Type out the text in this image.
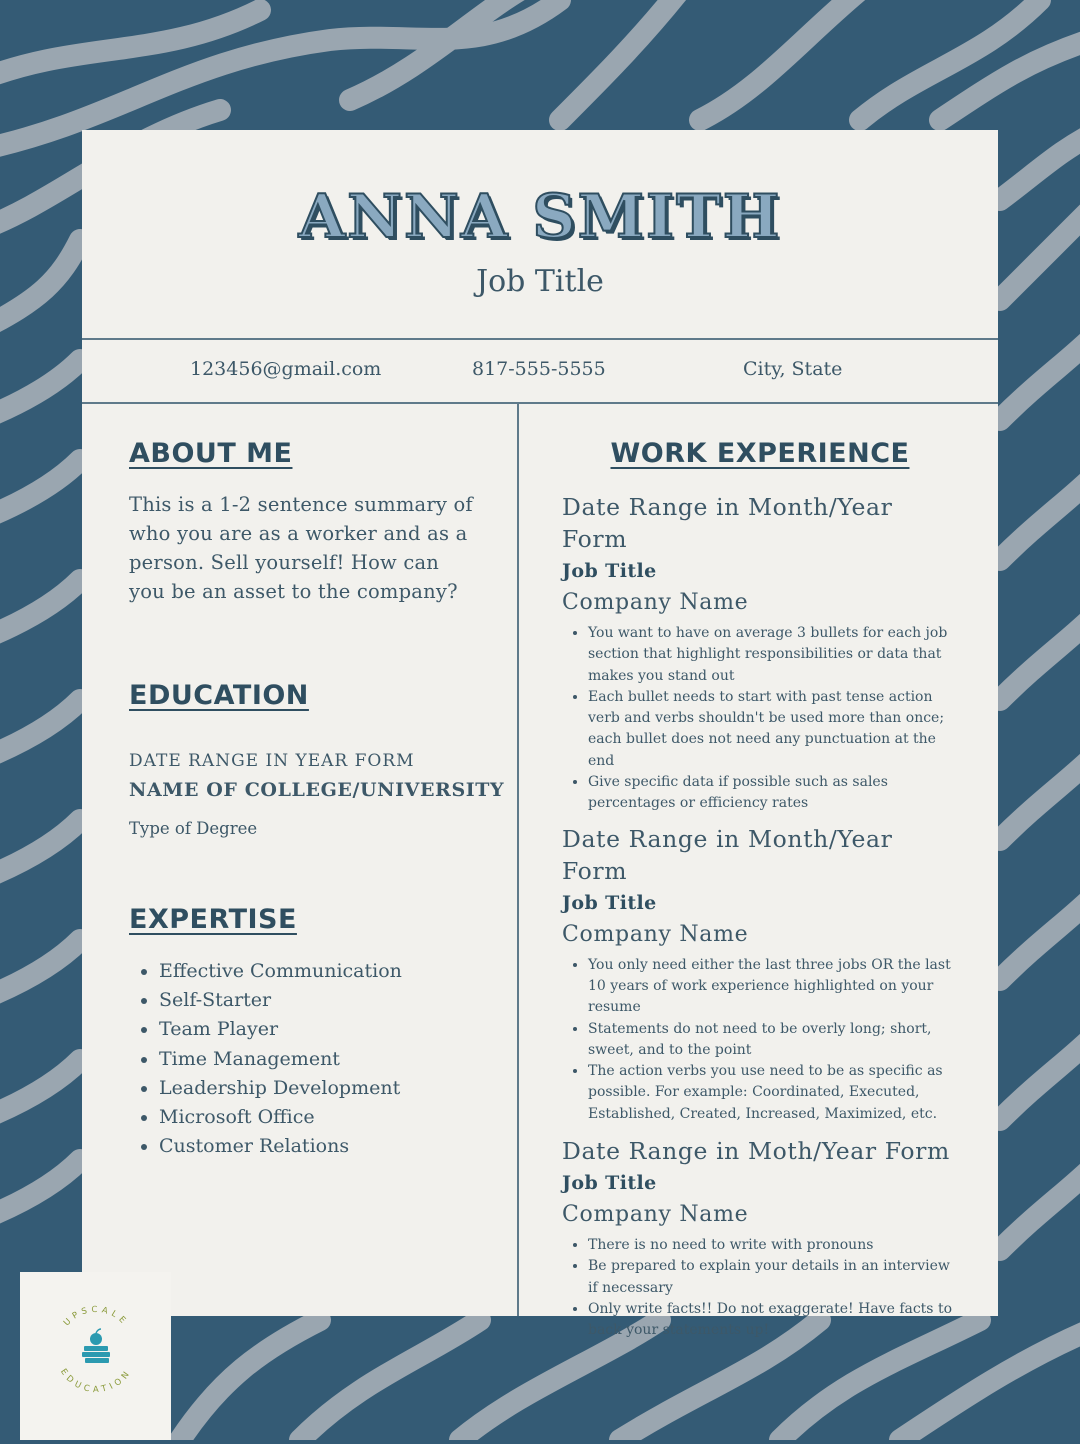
ANNA SMITH
Job Title
123456@gmail.com	817-555-5555	City, State
ABOUT ME

This is a 1-2 sentence summary of who you are as a worker and as a person. Sell yourself! How can you be an asset to the company?

EDUCATION
DATE RANGE IN YEAR FORM
NAME OF COLLEGE/UNIVERSITY
Type of Degree
EXPERTISE
• Effective Communication
• Self-Starter
• Team Player
• Time Management
• Leadership Development
• Microsoft Office
• Customer Relations
WORK EXPERIENCE
Date Range in Month/Year Form
Job Title
Company Name
• You want to have on average 3 bullets for each job section that highlight responsibilities or data that makes you stand out
• Each bullet needs to start with past tense action verb and verbs shouldn't be used more than once; each bullet does not need any punctuation at the end
• Give specific data if possible such as sales percentages or efficiency rates
Date Range in Month/Year Form
Job Title
Company Name
• You only need either the last three jobs OR the last 10 years of work experience highlighted on your resume
• Statements do not need to be overly long; short, sweet, and to the point
• The action verbs you use need to be as specific as possible. For example: Coordinated, Executed, Established, Created, Increased, Maximized, etc.
Date Range in Moth/Year Form
Job Title
Company Name
• There is no need to write with pronouns
• Be prepared to explain your details in an interview if necessary
• Only write facts!! Do not exaggerate! Have facts to back your statements up!
UPSCALE
EDUCATION
